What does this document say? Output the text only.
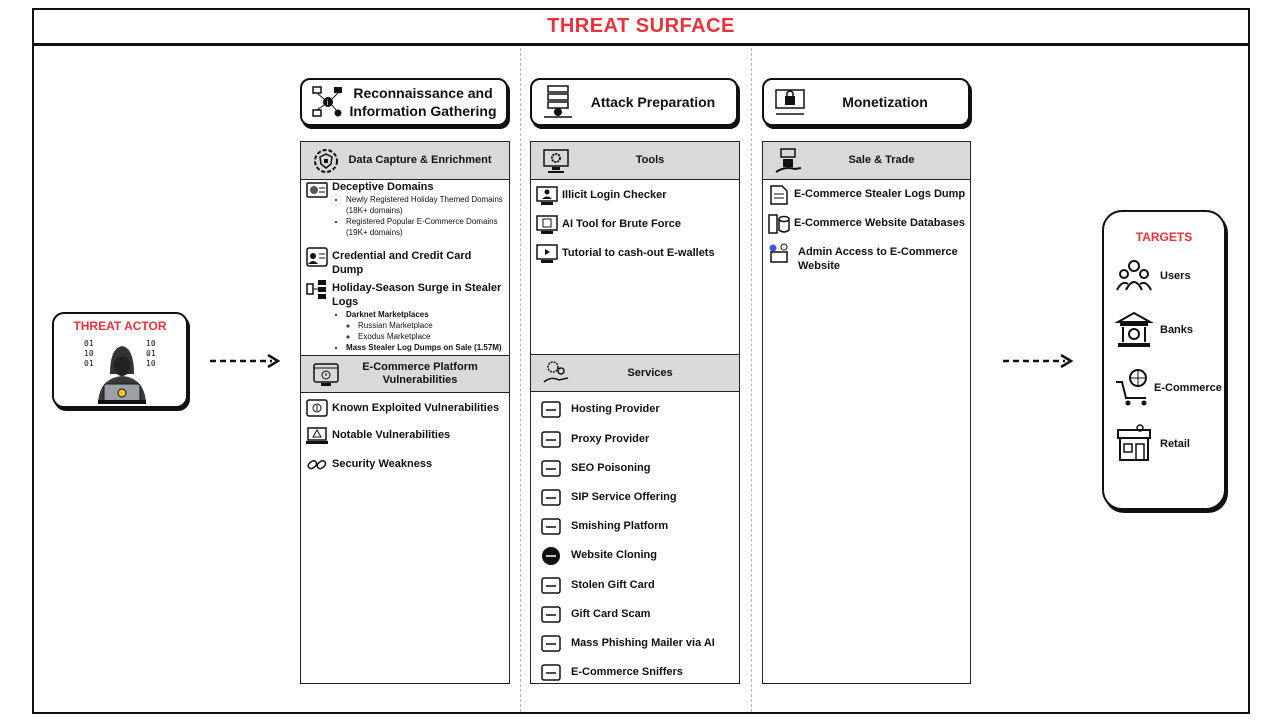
THREAT SURFACE
THREAT ACTOR
01
10
01
10
01
10
i
Reconnaissance and Information Gathering
Data Capture & Enrichment
Deceptive Domains
• Newly Registered Holiday Themed Domains (18K+ domains)
• Registered Popular E-Commerce Domains (19K+ domains)
Credential and Credit Card Dump
Holiday-Season Surge in Stealer Logs
• Darknet Marketplaces
◦ Russian Marketplace
◦ Exodus Marketplace
• Mass Stealer Log Dumps on Sale (1.57M)
E-Commerce Platform Vulnerabilities
Known Exploited Vulnerabilities
Notable Vulnerabilities
Security Weakness
Attack Preparation
Tools
Illicit Login Checker
AI Tool for Brute Force
Tutorial to cash-out E-wallets
Services
Hosting Provider
Proxy Provider
SEO Poisoning
SIP Service Offering
Smishing Platform
Website Cloning
Stolen Gift Card
Gift Card Scam
Mass Phishing Mailer via AI
E-Commerce Sniffers
Monetization
Sale & Trade
E-Commerce Stealer Logs Dump
E-Commerce Website Databases
Admin Access to E-Commerce Website
TARGETS
Users
Banks
E-Commerce
Retail
